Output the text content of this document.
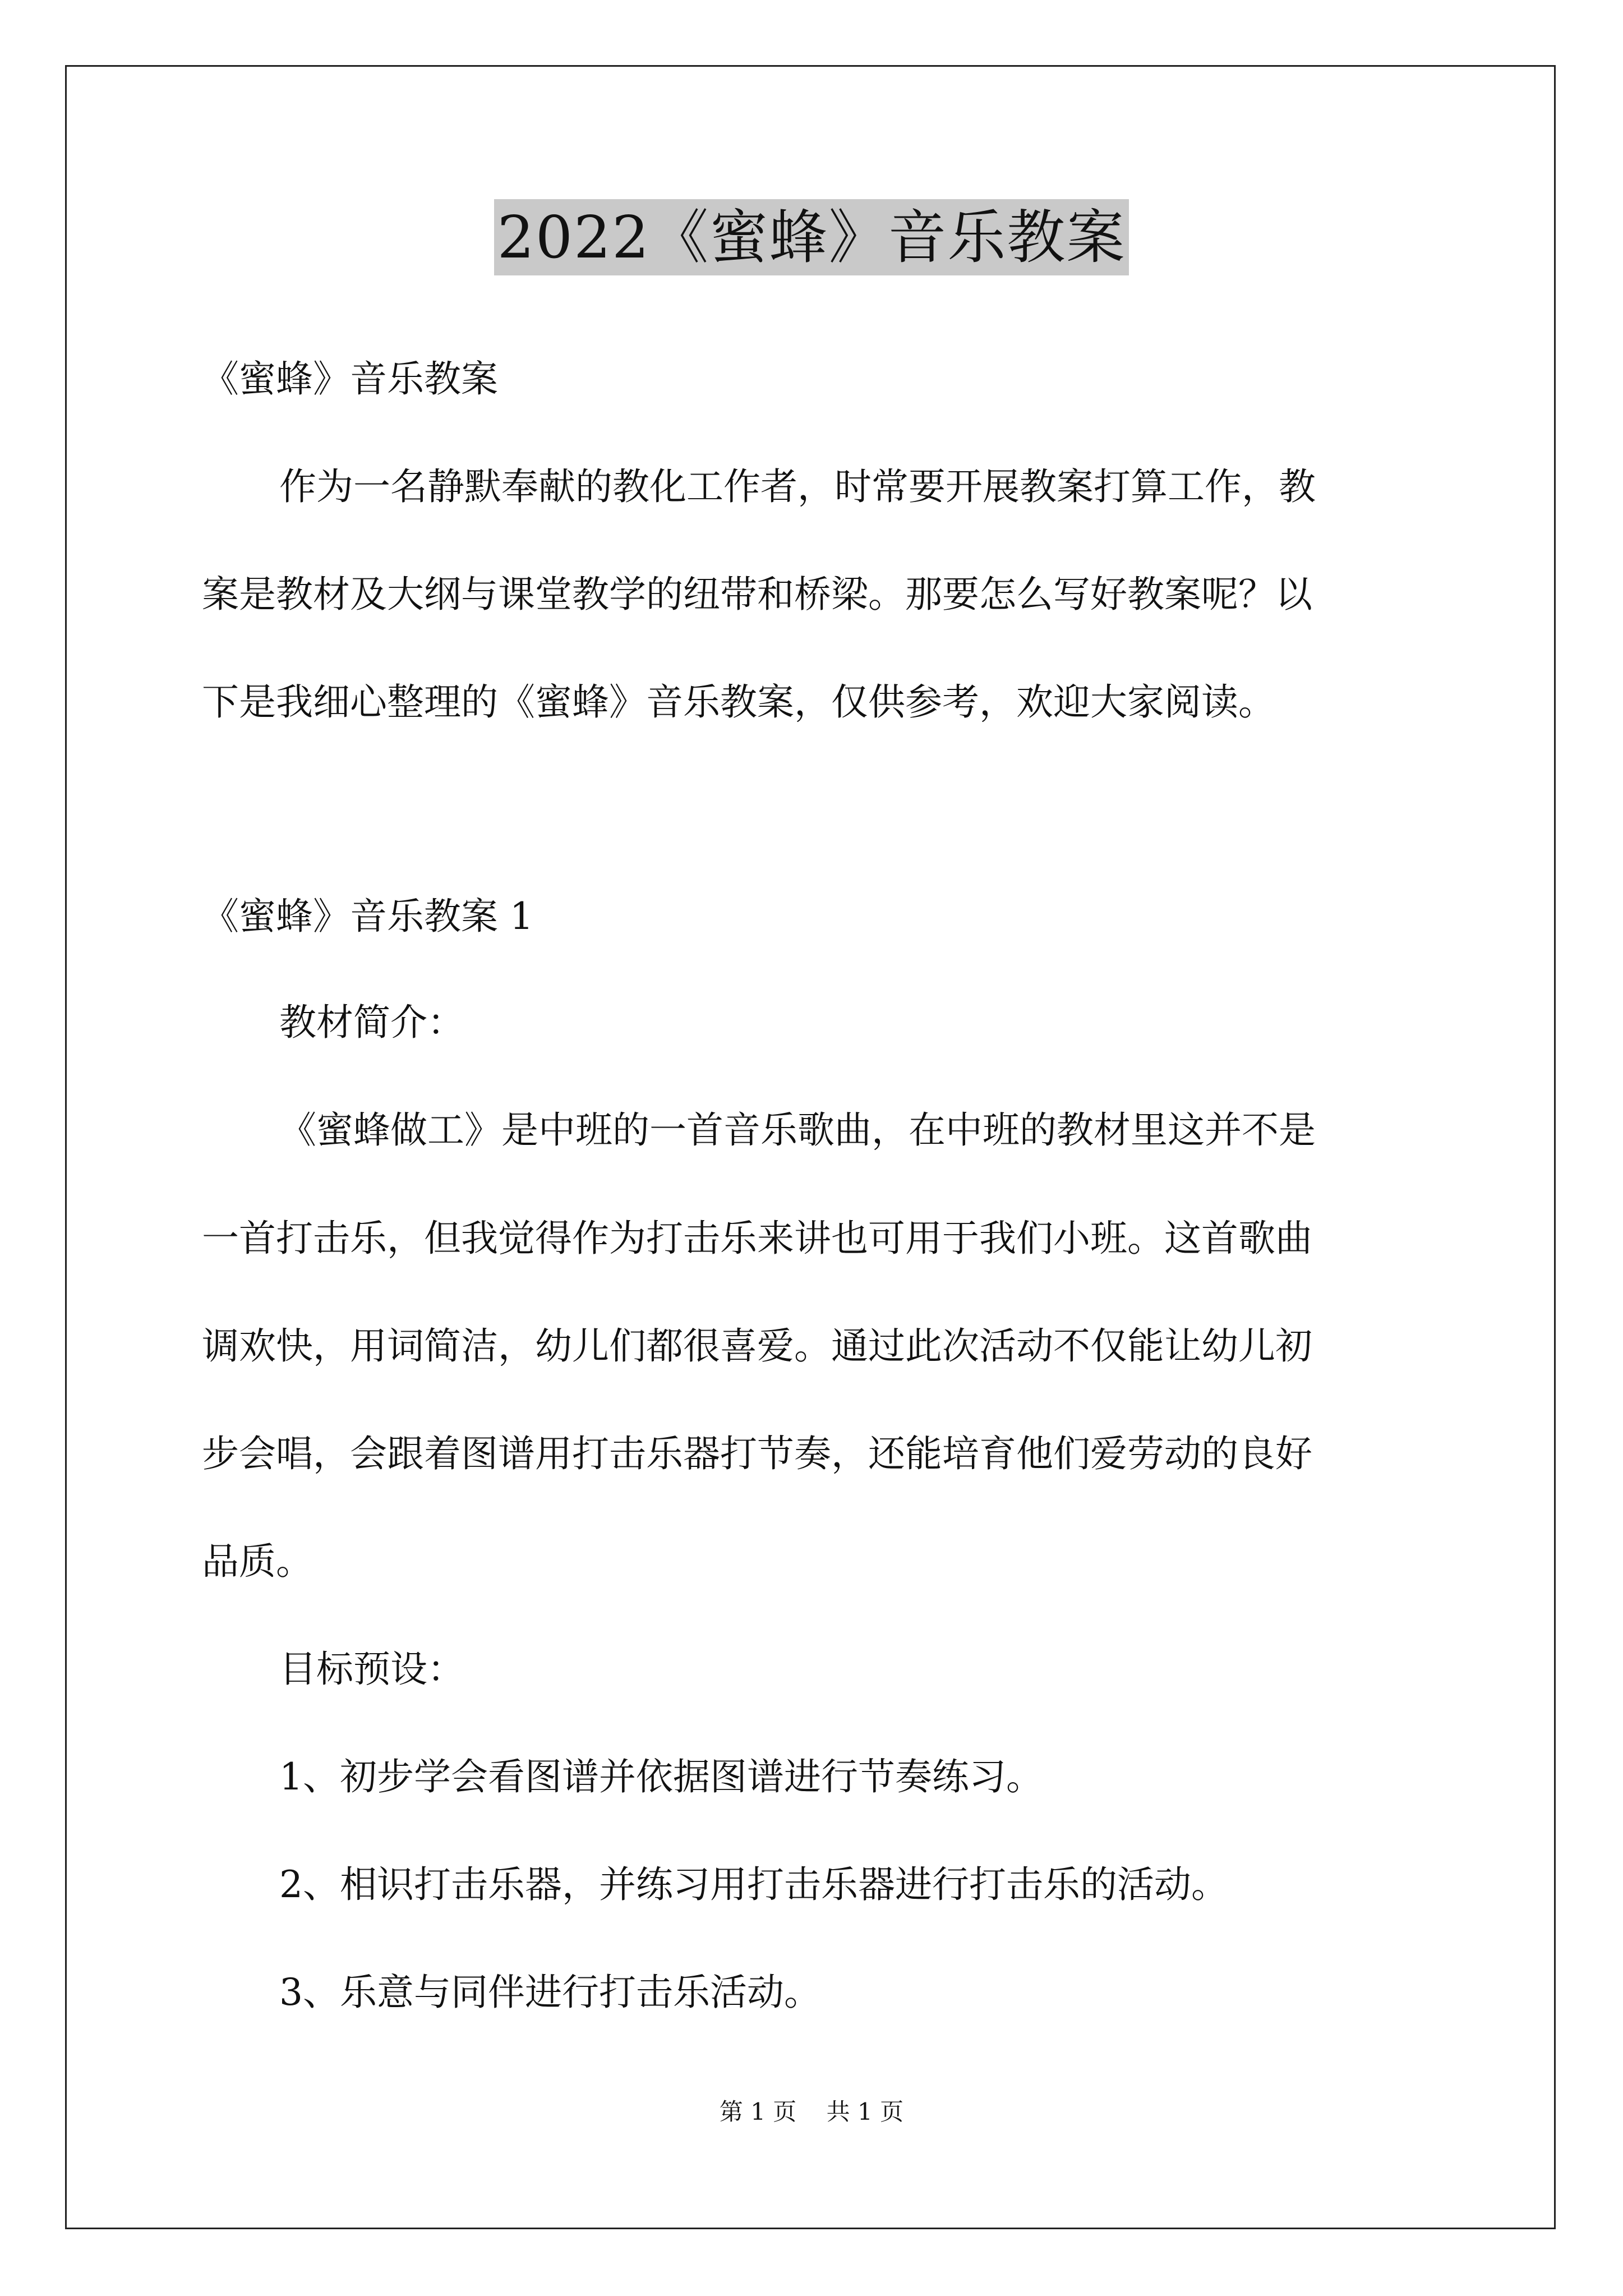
2022《蜜蜂》音乐教案
《蜜蜂》音乐教案
作为一名静默奉献的教化工作者，时常要开展教案打算工作，教
案是教材及大纲与课堂教学的纽带和桥梁。那要怎么写好教案呢？以
下是我细心整理的《蜜蜂》音乐教案，仅供参考，欢迎大家阅读。
《蜜蜂》音乐教案 1
教材简介：
《蜜蜂做工》是中班的一首音乐歌曲，在中班的教材里这并不是
一首打击乐，但我觉得作为打击乐来讲也可用于我们小班。这首歌曲
调欢快，用词简洁，幼儿们都很喜爱。通过此次活动不仅能让幼儿初
步会唱，会跟着图谱用打击乐器打节奏，还能培育他们爱劳动的良好
品质。
目标预设：
1、初步学会看图谱并依据图谱进行节奏练习。
2、相识打击乐器，并练习用打击乐器进行打击乐的活动。
3、乐意与同伴进行打击乐活动。
第 1 页 共 1 页
